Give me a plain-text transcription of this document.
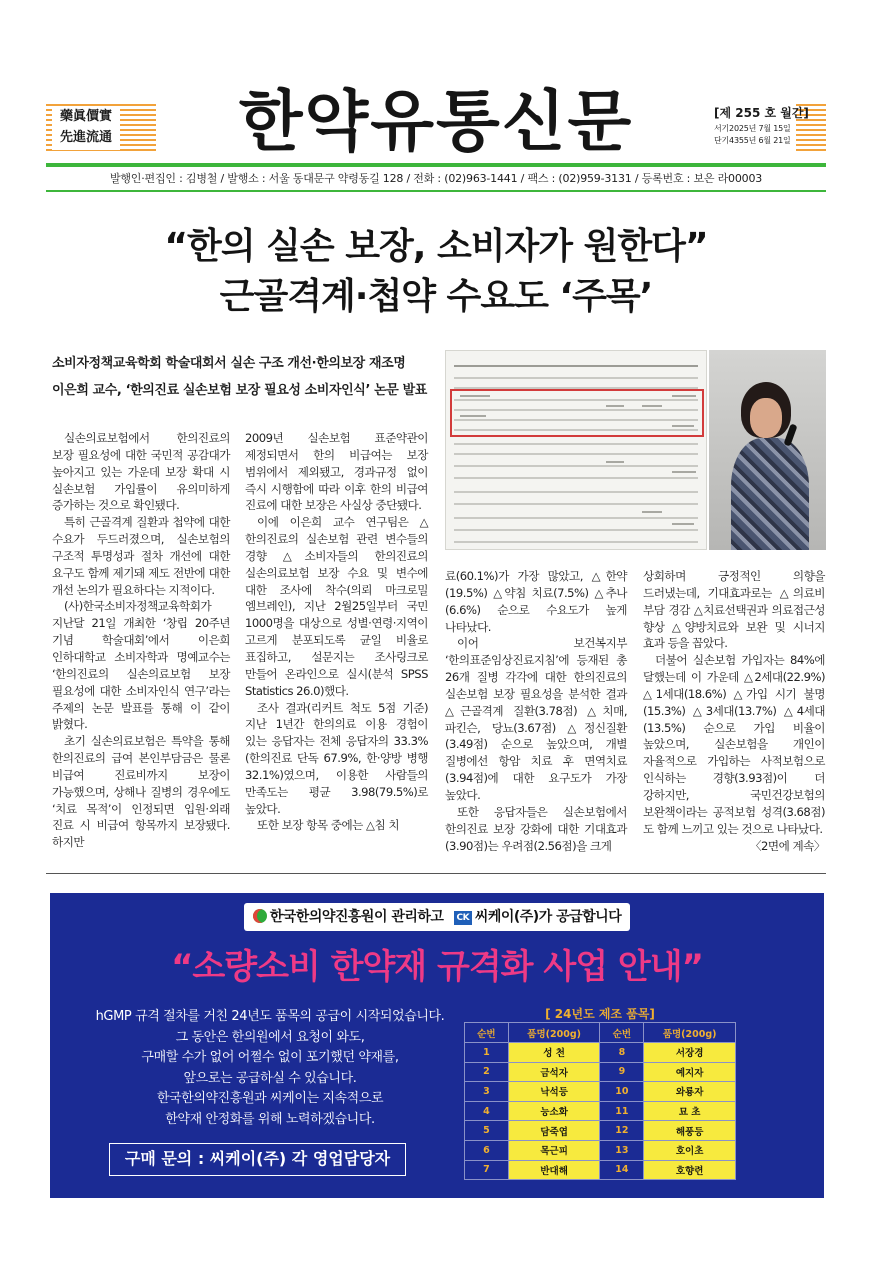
藥眞價實
先進流通	한약유통신문	[제 255 호 월간]
서기2025년 7월 15일
단기4355년 6월 21일
발행인·편집인 : 김병철 / 발행소 : 서울 동대문구 약령동길 128 / 전화 : (02)963-1441 / 팩스 : (02)959-3131 / 등록번호 : 보은 라00003
“한의 실손 보장, 소비자가 원한다”
근골격계·첩약 수요도 ‘주목’
소비자정책교육학회 학술대회서 실손 구조 개선·한의보장 재조명
이은희 교수, ‘한의진료 실손보험 보장 필요성 소비자인식’ 논문 발표

실손의료보험에서 한의진료의 보장 필요성에 대한 국민적 공감대가 높아지고 있는 가운데 보장 확대 시 실손보험 가입률이 유의미하게 증가하는 것으로 확인됐다.

특히 근골격계 질환과 첩약에 대한 수요가 두드러졌으며, 실손보험의 구조적 투명성과 절차 개선에 대한 요구도 함께 제기돼 제도 전반에 대한 개선 논의가 필요하다는 지적이다.

(사)한국소비자정책교육학회가 지난달 21일 개최한 ‘창립 20주년 기념 학술대회’에서 이은희 인하대학교 소비자학과 명예교수는 ‘한의진료의 실손의료보험 보장 필요성에 대한 소비자인식 연구’라는 주제의 논문 발표를 통해 이 같이 밝혔다.

초기 실손의료보험은 특약을 통해 한의진료의 급여 본인부담금은 물론 비급여 진료비까지 보장이 가능했으며, 상해나 질병의 경우에도 ‘치료 목적’이 인정되면 입원·외래 진료 시 비급여 항목까지 보장됐다. 하지만

2009년 실손보험 표준약관이 제정되면서 한의 비급여는 보장 범위에서 제외됐고, 경과규정 없이 즉시 시행함에 따라 이후 한의 비급여 진료에 대한 보장은 사실상 중단됐다.

이에 이은희 교수 연구팀은 △한의진료의 실손보험 관련 변수들의 경향 △소비자들의 한의진료의 실손의료보험 보장 수요 및 변수에 대한 조사에 착수(의뢰 마크로밀 엠브레인), 지난 2월25일부터 국민 1000명을 대상으로 성별·연령·지역이 고르게 분포되도록 균일 비율로 표집하고, 설문지는 조사링크로 만들어 온라인으로 실시(분석 SPSS Statistics 26.0)했다.

조사 결과(리커트 척도 5점 기준) 지난 1년간 한의의료 이용 경험이 있는 응답자는 전체 응답자의 33.3%(한의진료 단독 67.9%, 한·양방 병행 32.1%)였으며, 이용한 사람들의 만족도는 평균 3.98(79.5%)로 높았다.

또한 보장 항목 중에는 △침 치

료(60.1%)가 가장 많았고, △한약(19.5%) △약침 치료(7.5%) △추나(6.6%) 순으로 수요도가 높게 나타났다.

이어 보건복지부 ‘한의표준임상진료지침’에 등재된 총 26개 질병 각각에 대한 한의진료의 실손보험 보장 필요성을 분석한 결과 △근골격계 질환(3.78점) △치매, 파킨슨, 당뇨(3.67점) △정신질환(3.49점) 순으로 높았으며, 개별 질병에선 항암 치료 후 면역치료(3.94점)에 대한 요구도가 가장 높았다.

또한 응답자들은 실손보험에서 한의진료 보장 강화에 대한 기대효과(3.90점)는 우려점(2.56점)을 크게

상회하며 긍정적인 의향을 드러냈는데, 기대효과로는 △의료비 부담 경감 △치료선택권과 의료접근성 향상 △양방치료와 보완 및 시너지 효과 등을 꼽았다.

더불어 실손보험 가입자는 84%에 달했는데 이 가운데 △2세대(22.9%) △1세대(18.6%) △가입 시기 불명(15.3%) △3세대(13.7%) △4세대(13.5%) 순으로 가입 비율이 높았으며, 실손보험을 개인이 자율적으로 가입하는 사적보험으로 인식하는 경향(3.93점)이 더 강하지만, 국민건강보험의 보완책이라는 공적보험 성격(3.68점)도 함께 느끼고 있는 것으로 나타났다.

〈2면에 계속〉
한국한의약진흥원이 관리하고 CK 씨케이(주)가 공급합니다
“소량소비 한약재 규격화 사업 안내”
hGMP 규격 절차를 거친 24년도 품목의 공급이 시작되었습니다.
그 동안은 한의원에서 요청이 와도,
구매할 수가 없어 어쩔수 없이 포기했던 약재를,
앞으로는 공급하실 수 있습니다.
한국한의약진흥원과 씨케이는 지속적으로
한약재 안정화를 위해 노력하겠습니다.
구매 문의 : 씨케이(주) 각 영업담당자
[ 24년도 제조 품목]
순번	품명(200g)	순번	품명(200g)
1	성 천	8	서장경
2	금석자	9	예지자
3	낙석등	10	와룡자
4	능소화	11	묘 초
5	담죽엽	12	해풍등
6	목근피	13	호이초
7	반대해	14	호향련
